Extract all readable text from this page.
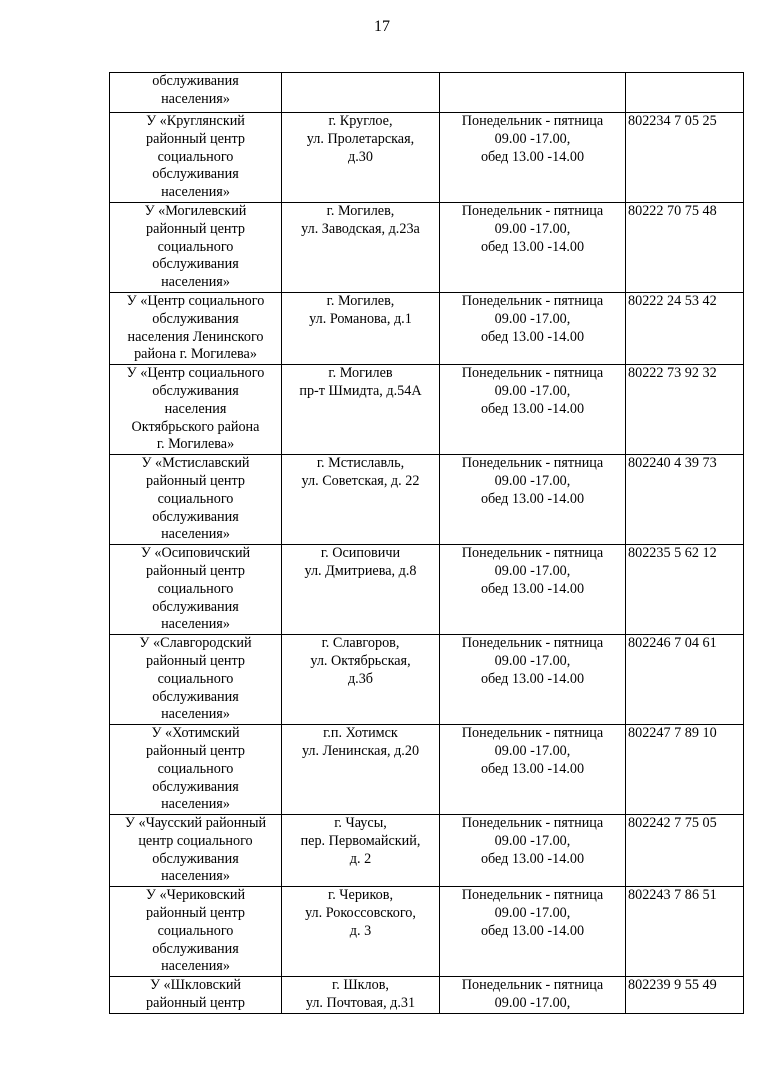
17
обслуживания
населения»			

У «Круглянский
районный центр
социального
обслуживания
населения»	г. Круглое,
ул. Пролетарская,
д.30	Понедельник - пятница
09.00 -17.00,
обед 13.00 -14.00	802234 7 05 25

У «Могилевский
районный центр
социального
обслуживания
населения»	г. Могилев,
ул. Заводская, д.23а	Понедельник - пятница
09.00 -17.00,
обед 13.00 -14.00	80222 70 75 48

У «Центр социального
обслуживания
населения Ленинского
района г. Могилева»	г. Могилев,
ул. Романова, д.1	Понедельник - пятница
09.00 -17.00,
обед 13.00 -14.00	80222 24 53 42

У «Центр социального
обслуживания
населения
Октябрьского района
г. Могилева»	г. Могилев
пр-т Шмидта, д.54А	Понедельник - пятница
09.00 -17.00,
обед 13.00 -14.00	80222 73 92 32

У «Мстиславский
районный центр
социального
обслуживания
населения»	г. Мстиславль,
ул. Советская, д. 22	Понедельник - пятница
09.00 -17.00,
обед 13.00 -14.00	802240 4 39 73

У «Осиповичский
районный центр
социального
обслуживания
населения»	г. Осиповичи
ул. Дмитриева, д.8	Понедельник - пятница
09.00 -17.00,
обед 13.00 -14.00	802235 5 62 12

У «Славгородский
районный центр
социального
обслуживания
населения»	г. Славгоров,
ул. Октябрьская,
д.3б	Понедельник - пятница
09.00 -17.00,
обед 13.00 -14.00	802246 7 04 61

У «Хотимский
районный центр
социального
обслуживания
населения»	г.п. Хотимск
ул. Ленинская, д.20	Понедельник - пятница
09.00 -17.00,
обед 13.00 -14.00	802247 7 89 10

У «Чаусский районный
центр социального
обслуживания
населения»	г. Чаусы,
пер. Первомайский,
д. 2	Понедельник - пятница
09.00 -17.00,
обед 13.00 -14.00	802242 7 75 05

У «Чериковский
районный центр
социального
обслуживания
населения»	г. Чериков,
ул. Рокоссовского,
д. 3	Понедельник - пятница
09.00 -17.00,
обед 13.00 -14.00	802243 7 86 51

У «Шкловский
районный центр	г. Шклов,
ул. Почтовая, д.31	Понедельник - пятница
09.00 -17.00,	802239 9 55 49
